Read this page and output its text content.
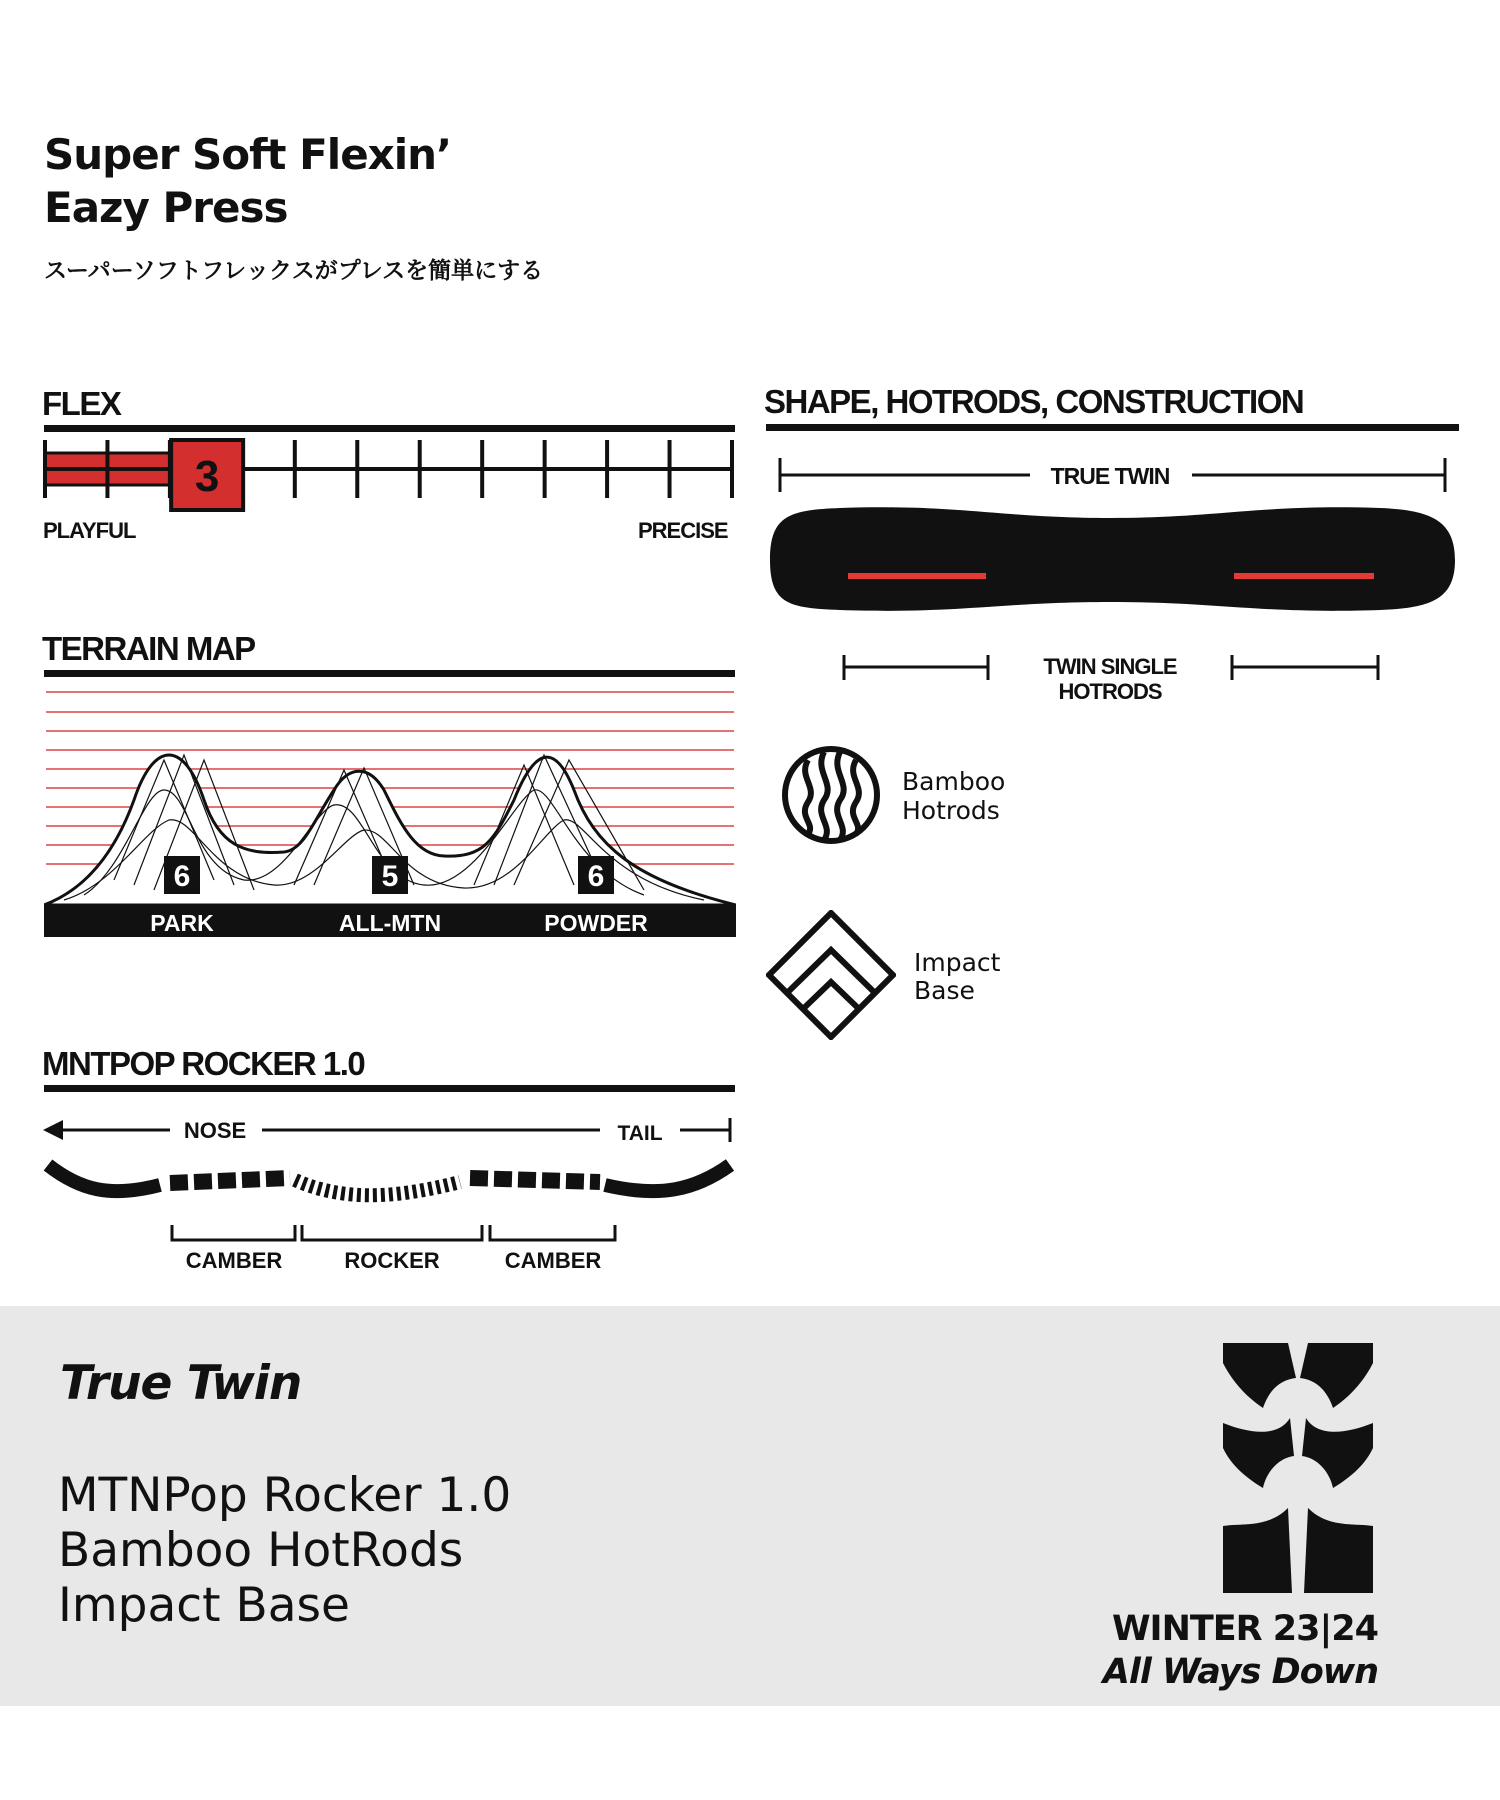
Super Soft Flexin’
Eazy Press
スーパーソフトフレックスがプレスを簡単にする
FLEX
3
PLAYFUL	PRECISE
TERRAIN MAP
6
PARK
5
ALL-MTN
6
POWDER
MNTPOP ROCKER 1.0
NOSE	TAIL
CAMBER	ROCKER	CAMBER
SHAPE, HOTRODS, CONSTRUCTION
TRUE TWIN
TWIN SINGLE
HOTRODS
Bamboo
Hotrods
Impact
Base
True Twin
MTNPop Rocker 1.0
Bamboo HotRods
Impact Base	WINTER 23|24
All Ways Down
